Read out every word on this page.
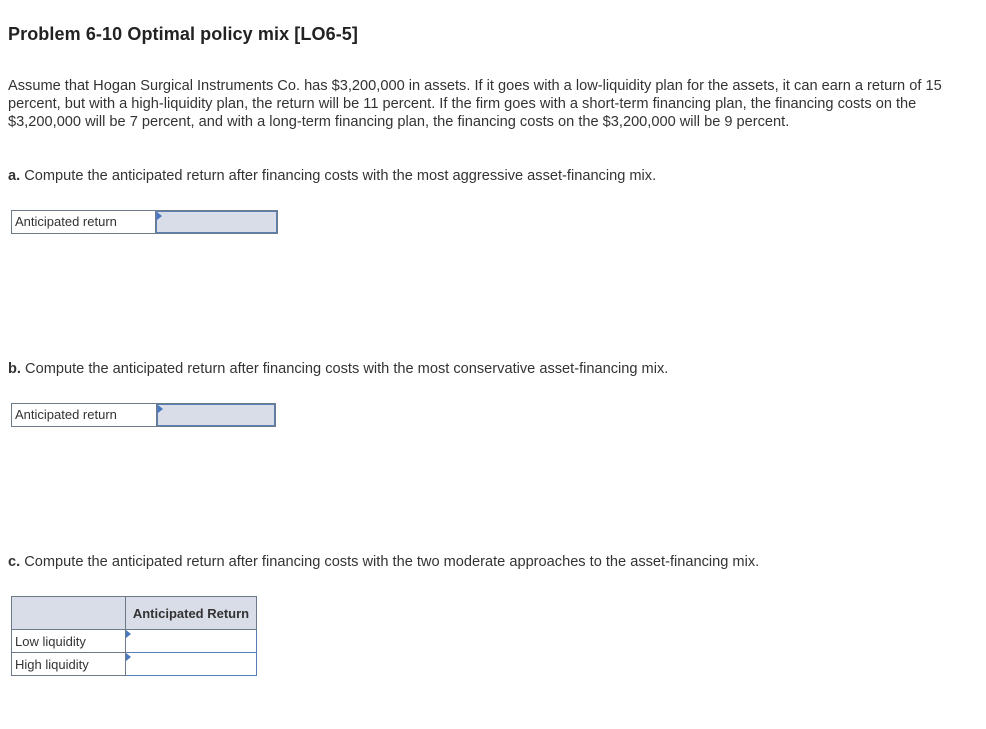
Problem 6-10 Optimal policy mix [LO6-5]
Assume that Hogan Surgical Instruments Co. has $3,200,000 in assets. If it goes with a low-liquidity plan for the assets, it can earn a return of 15 percent, but with a high-liquidity plan, the return will be 11 percent. If the firm goes with a short-term financing plan, the financing costs on the $3,200,000 will be 7 percent, and with a long-term financing plan, the financing costs on the $3,200,000 will be 9 percent.
a. Compute the anticipated return after financing costs with the most aggressive asset-financing mix.
Anticipated return
b. Compute the anticipated return after financing costs with the most conservative asset-financing mix.
Anticipated return
c. Compute the anticipated return after financing costs with the two moderate approaches to the asset-financing mix.
	Anticipated Return
Low liquidity	

High liquidity	
